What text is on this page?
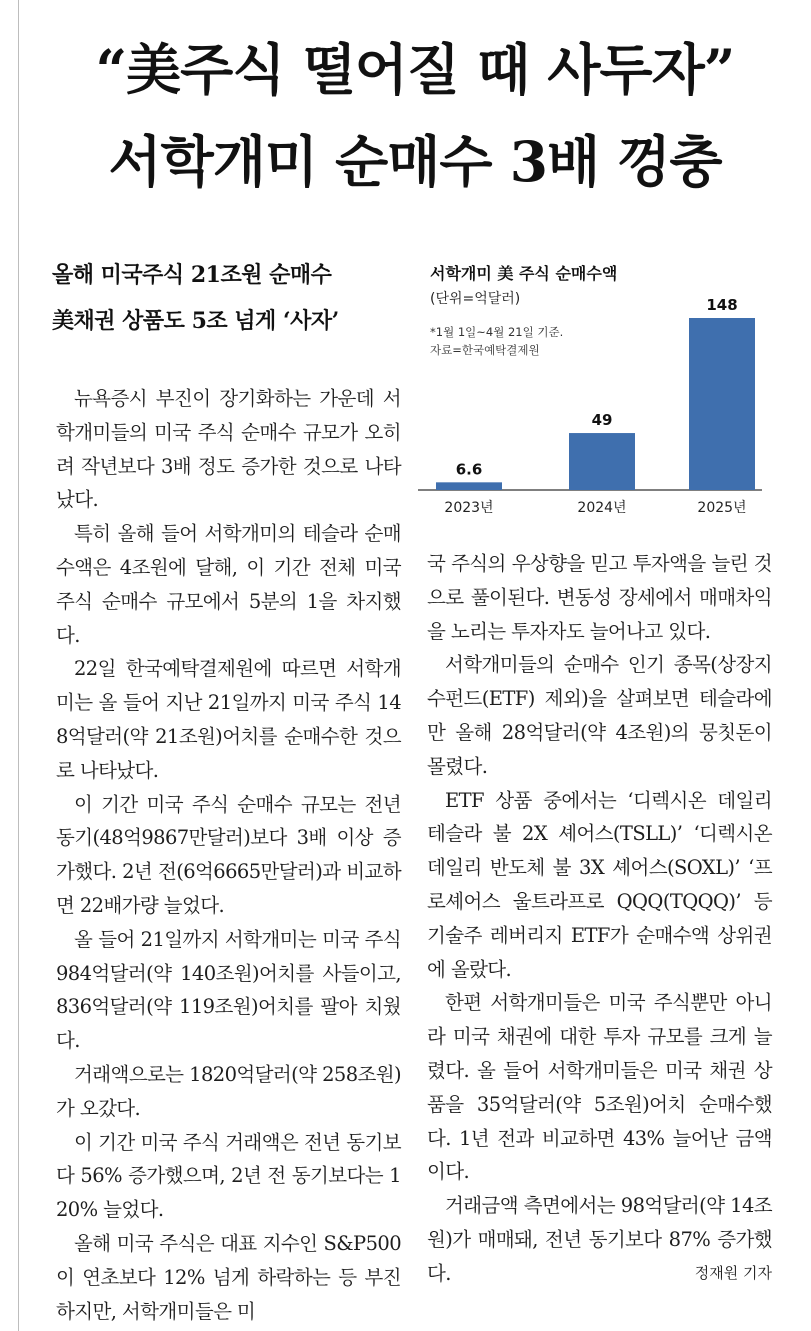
“美주식 떨어질 때 사두자”
서학개미 순매수 3배 껑충
올해 미국주식 21조원 순매수
美채권 상품도 5조 넘게 ‘사자’

뉴욕증시 부진이 장기화하는 가운데 서학개미들의 미국 주식 순매수 규모가 오히려 작년보다 3배 정도 증가한 것으로 나타났다.

특히 올해 들어 서학개미의 테슬라 순매수액은 4조원에 달해, 이 기간 전체 미국 주식 순매수 규모에서 5분의 1을 차지했다.

22일 한국예탁결제원에 따르면 서학개미는 올 들어 지난 21일까지 미국 주식 148억달러(약 21조원)어치를 순매수한 것으로 나타났다.

이 기간 미국 주식 순매수 규모는 전년 동기(48억9867만달러)보다 3배 이상 증가했다. 2년 전(6억6665만달러)과 비교하면 22배가량 늘었다.

올 들어 21일까지 서학개미는 미국 주식 984억달러(약 140조원)어치를 사들이고, 836억달러(약 119조원)어치를 팔아 치웠다.

거래액으로는 1820억달러(약 258조원)가 오갔다.

이 기간 미국 주식 거래액은 전년 동기보다 56% 증가했으며, 2년 전 동기보다는 120% 늘었다.

올해 미국 주식은 대표 지수인 S&P500이 연초보다 12% 넘게 하락하는 등 부진하지만, 서학개미들은 미

서학개미 美 주식 순매수액
(단위=억달러)
*1월 1일~4월 21일 기준.
자료=한국예탁결제원
6.6
2023년
49
2024년
148
2025년

국 주식의 우상향을 믿고 투자액을 늘린 것으로 풀이된다. 변동성 장세에서 매매차익을 노리는 투자자도 늘어나고 있다.

서학개미들의 순매수 인기 종목(상장지수펀드(ETF) 제외)을 살펴보면 테슬라에만 올해 28억달러(약 4조원)의 뭉칫돈이 몰렸다.

ETF 상품 중에서는 ‘디렉시온 데일리 테슬라 불 2X 셰어스(TSLL)’ ‘디렉시온 데일리 반도체 불 3X 셰어스(SOXL)’ ‘프로셰어스 울트라프로 QQQ(TQQQ)’ 등 기술주 레버리지 ETF가 순매수액 상위권에 올랐다.

한편 서학개미들은 미국 주식뿐만 아니라 미국 채권에 대한 투자 규모를 크게 늘렸다. 올 들어 서학개미들은 미국 채권 상품을 35억달러(약 5조원)어치 순매수했다. 1년 전과 비교하면 43% 늘어난 금액이다.

거래금액 측면에서는 98억달러(약 14조원)가 매매돼, 전년 동기보다 87% 증가했다.	정재원 기자
